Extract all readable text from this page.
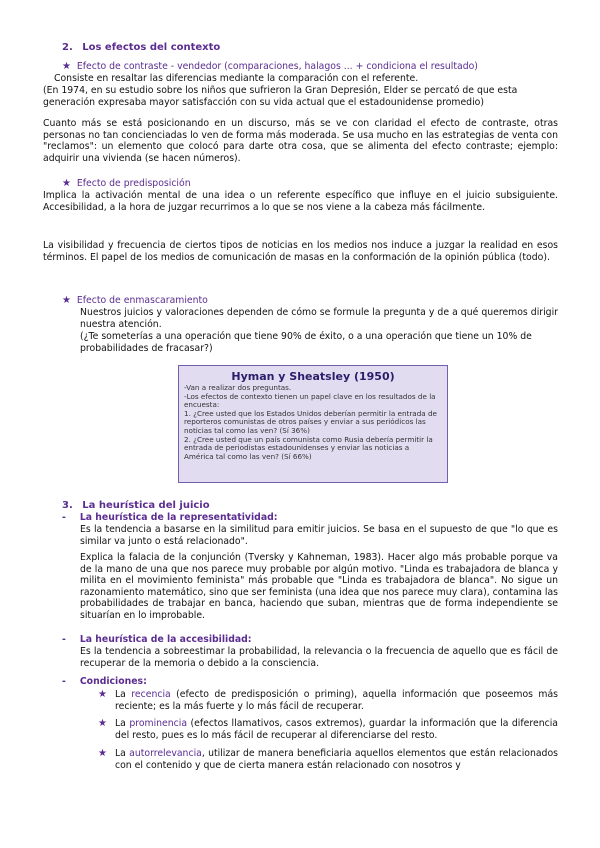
2. Los efectos del contexto

★ Efecto de contraste - vendedor (comparaciones, halagos ... + condiciona el resultado)

Consiste en resaltar las diferencias mediante la comparación con el referente.

(En 1974, en su estudio sobre los niños que sufrieron la Gran Depresión, Elder se percató de que esta generación expresaba mayor satisfacción con su vida actual que el estadounidense promedio)

Cuanto más se está posicionando en un discurso, más se ve con claridad el efecto de contraste, otras personas no tan concienciadas lo ven de forma más moderada. Se usa mucho en las estrategias de venta con "reclamos": un elemento que colocó para darte otra cosa, que se alimenta del efecto contraste; ejemplo: adquirir una vivienda (se hacen números).

★ Efecto de predisposición

Implica la activación mental de una idea o un referente específico que influye en el juicio subsiguiente. Accesibilidad, a la hora de juzgar recurrimos a lo que se nos viene a la cabeza más fácilmente.

La visibilidad y frecuencia de ciertos tipos de noticias en los medios nos induce a juzgar la realidad en esos términos. El papel de los medios de comunicación de masas en la conformación de la opinión pública (todo).

★ Efecto de enmascaramiento

Nuestros juicios y valoraciones dependen de cómo se formule la pregunta y de a qué queremos dirigir nuestra atención.

(¿Te someterías a una operación que tiene 90% de éxito, o a una operación que tiene un 10% de probabilidades de fracasar?)

Hyman y Sheatsley (1950)
-Van a realizar dos preguntas.
-Los efectos de contexto tienen un papel clave en los resultados de la encuesta:
1. ¿Cree usted que los Estados Unidos deberían permitir la entrada de reporteros comunistas de otros países y enviar a sus periódicos las noticias tal como las ven? (Sí 36%)
2. ¿Cree usted que un país comunista como Rusia debería permitir la entrada de periodistas estadounidenses y enviar las noticias a América tal como las ven? (Sí 66%)
3. La heurística del juicio

- La heurística de la representatividad:

Es la tendencia a basarse en la similitud para emitir juicios. Se basa en el supuesto de que "lo que es similar va junto o está relacionado".

Explica la falacia de la conjunción (Tversky y Kahneman, 1983). Hacer algo más probable porque va de la mano de una que nos parece muy probable por algún motivo. "Linda es trabajadora de blanca y milita en el movimiento feminista" más probable que "Linda es trabajadora de blanca". No sigue un razonamiento matemático, sino que ser feminista (una idea que nos parece muy clara), contamina las probabilidades de trabajar en banca, haciendo que suban, mientras que de forma independiente se situarían en lo improbable.

- La heurística de la accesibilidad:

Es la tendencia a sobreestimar la probabilidad, la relevancia o la frecuencia de aquello que es fácil de recuperar de la memoria o debido a la consciencia.

- Condiciones:

★ La recencia (efecto de predisposición o priming), aquella información que poseemos más reciente; es la más fuerte y lo más fácil de recuperar.

★ La prominencia (efectos llamativos, casos extremos), guardar la información que la diferencia del resto, pues es lo más fácil de recuperar al diferenciarse del resto.

★ La autorrelevancia, utilizar de manera beneficiaria aquellos elementos que están relacionados con el contenido y que de cierta manera están relacionado con nosotros y
